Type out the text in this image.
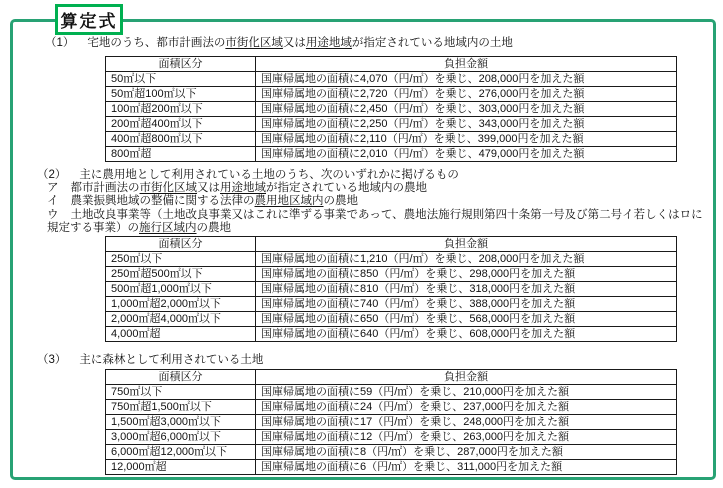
算定式
（1） 宅地のうち、都市計画法の市街化区域又は用途地域が指定されている地域内の土地
面積区分	負担金額
50㎡以下	国庫帰属地の面積に4,070（円/㎡）を乗じ、208,000円を加えた額
50㎡超100㎡以下	国庫帰属地の面積に2,720（円/㎡）を乗じ、276,000円を加えた額
100㎡超200㎡以下	国庫帰属地の面積に2,450（円/㎡）を乗じ、303,000円を加えた額
200㎡超400㎡以下	国庫帰属地の面積に2,250（円/㎡）を乗じ、343,000円を加えた額
400㎡超800㎡以下	国庫帰属地の面積に2,110（円/㎡）を乗じ、399,000円を加えた額
800㎡超	国庫帰属地の面積に2,010（円/㎡）を乗じ、479,000円を加えた額
（2） 主に農用地として利用されている土地のうち、次のいずれかに掲げるもの
ア 都市計画法の市街化区域又は用途地域が指定されている地域内の農地
イ 農業振興地域の整備に関する法律の農用地区域内の農地
ウ 土地改良事業等（土地改良事業又はこれに準ずる事業であって、農地法施行規則第四十条第一号及び第二号イ若しくはロに規定する事業）の施行区域内の農地
面積区分	負担金額
250㎡以下	国庫帰属地の面積に1,210（円/㎡）を乗じ、208,000円を加えた額
250㎡超500㎡以下	国庫帰属地の面積に850（円/㎡）を乗じ、298,000円を加えた額
500㎡超1,000㎡以下	国庫帰属地の面積に810（円/㎡）を乗じ、318,000円を加えた額
1,000㎡超2,000㎡以下	国庫帰属地の面積に740（円/㎡）を乗じ、388,000円を加えた額
2,000㎡超4,000㎡以下	国庫帰属地の面積に650（円/㎡）を乗じ、568,000円を加えた額
4,000㎡超	国庫帰属地の面積に640（円/㎡）を乗じ、608,000円を加えた額
（3） 主に森林として利用されている土地
面積区分	負担金額
750㎡以下	国庫帰属地の面積に59（円/㎡）を乗じ、210,000円を加えた額
750㎡超1,500㎡以下	国庫帰属地の面積に24（円/㎡）を乗じ、237,000円を加えた額
1,500㎡超3,000㎡以下	国庫帰属地の面積に17（円/㎡）を乗じ、248,000円を加えた額
3,000㎡超6,000㎡以下	国庫帰属地の面積に12（円/㎡）を乗じ、263,000円を加えた額
6,000㎡超12,000㎡以下	国庫帰属地の面積に8（円/㎡）を乗じ、287,000円を加えた額
12,000㎡超	国庫帰属地の面積に6（円/㎡）を乗じ、311,000円を加えた額
